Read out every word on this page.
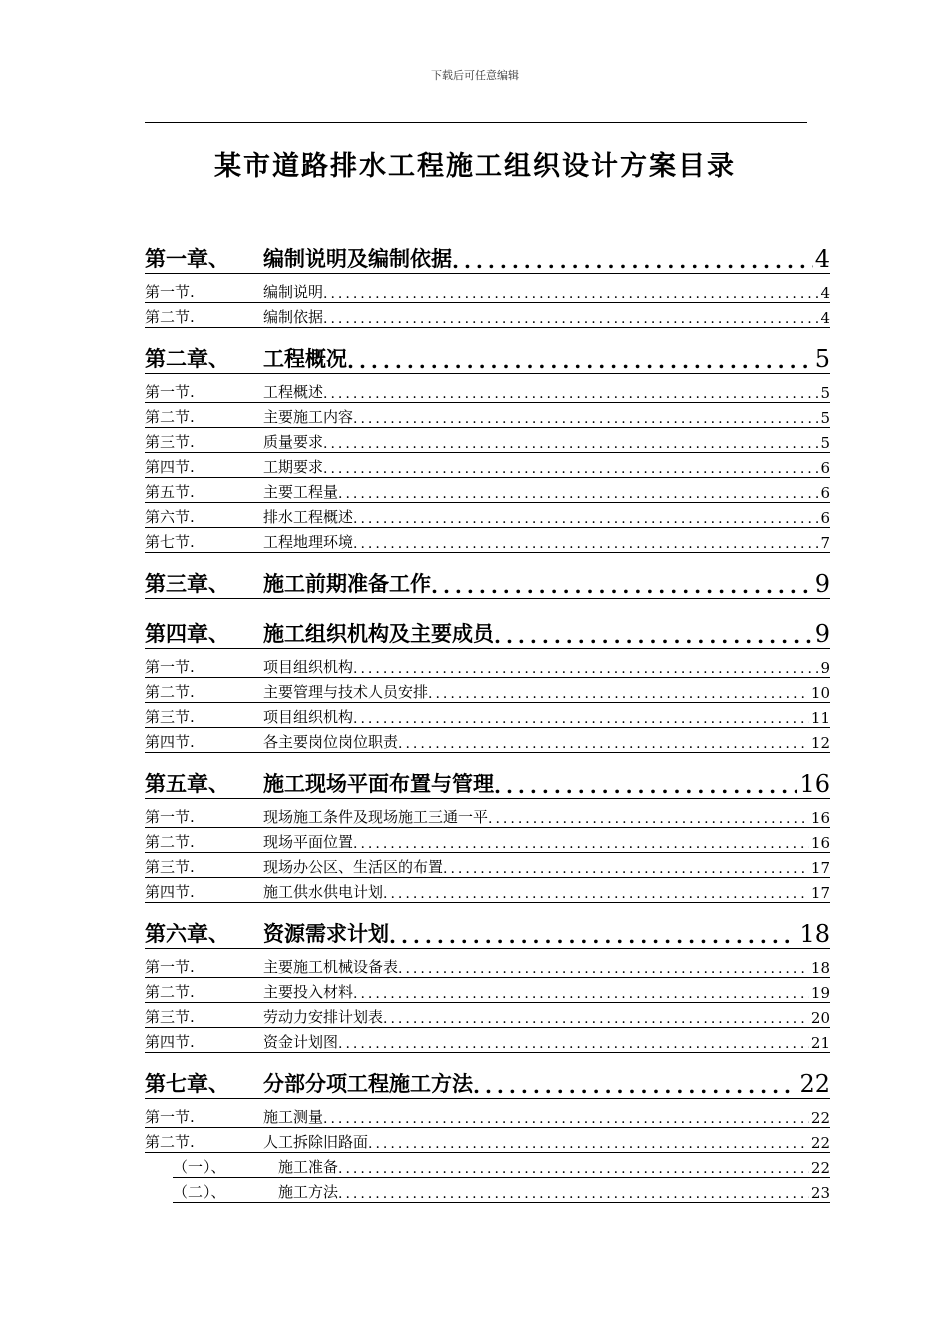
下载后可任意编辑
某市道路排水工程施工组织设计方案目录
第一章、	编制说明及编制依据 .....	4
第一节.	编制说明 .....	4
第二节.	编制依据 .....	4
第二章、	工程概况 .....	5
第一节.	工程概述 .....	5
第二节.	主要施工内容 .....	5
第三节.	质量要求 .....	5
第四节.	工期要求 .....	6
第五节.	主要工程量 .....	6
第六节.	排水工程概述 .....	6
第七节.	工程地理环境 .....	7
第三章、	施工前期准备工作 .....	9
第四章、	施工组织机构及主要成员 .....	9
第一节.	项目组织机构 .....	9
第二节.	主要管理与技术人员安排 .....	10
第三节.	项目组织机构 .....	11
第四节.	各主要岗位岗位职责 .....	12
第五章、	施工现场平面布置与管理 .....	16
第一节.	现场施工条件及现场施工三通一平 .....	16
第二节.	现场平面位置 .....	16
第三节.	现场办公区、生活区的布置 .....	17
第四节.	施工供水供电计划 .....	17
第六章、	资源需求计划 .....	18
第一节.	主要施工机械设备表 .....	18
第二节.	主要投入材料 .....	19
第三节.	劳动力安排计划表 .....	20
第四节.	资金计划图 .....	21
第七章、	分部分项工程施工方法 .....	22
第一节.	施工测量 .....	22
第二节.	人工拆除旧路面 .....	22
（一）、	施工准备 .....	22
（二）、	施工方法 .....	23
